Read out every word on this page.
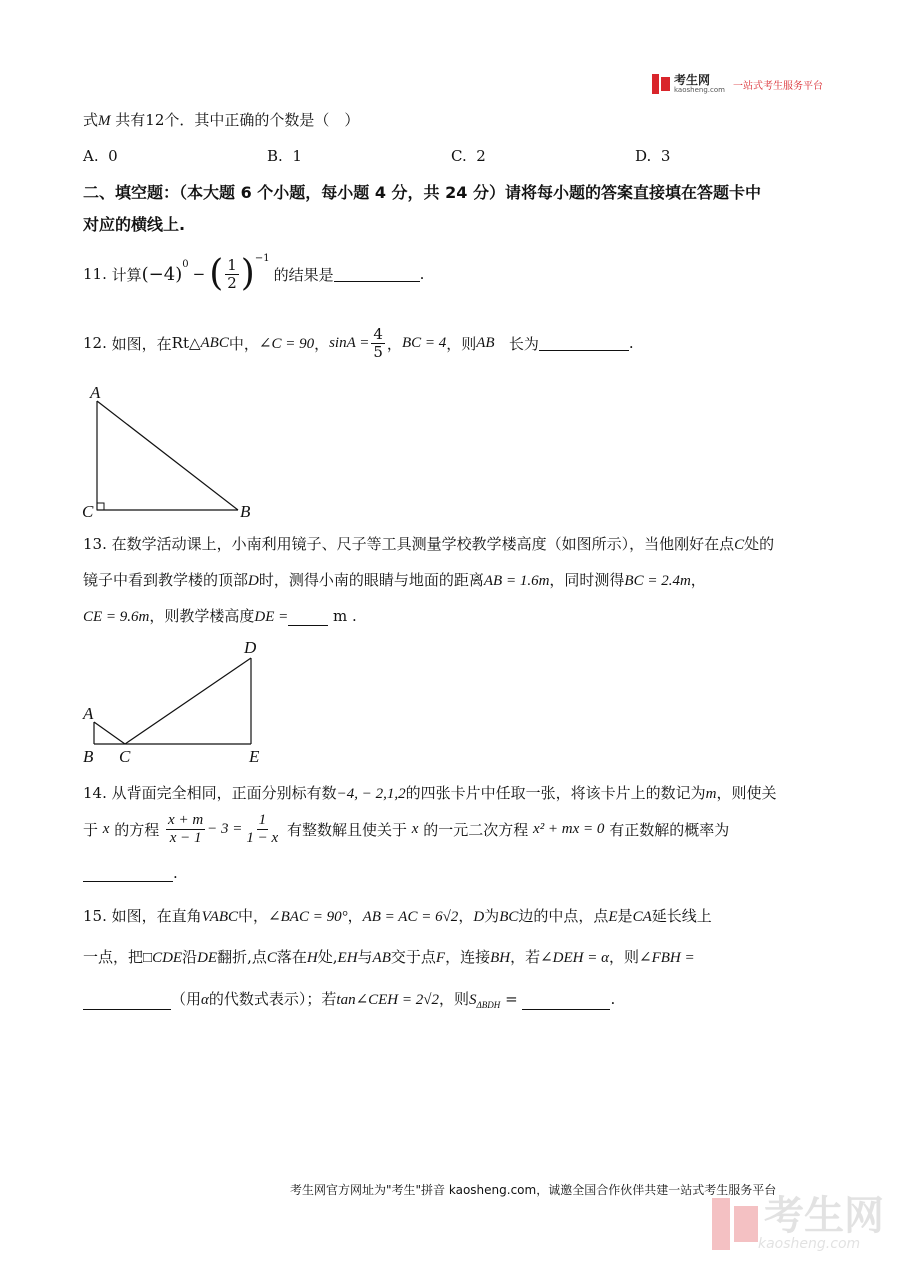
考生网
kaosheng.com 一站式考生服务平台
式M 共有12个．其中正确的个数是（　）
A. 0	B. 1	C. 2	D. 3
二、填空题：（本大题 6 个小题，每小题 4 分，共 24 分）请将每小题的答案直接填在答题卡中
对应的横线上.
11.
计算 $(-4)^0$
− ( $\frac{1}{2} )^{-1}$
的结果是	.
12.
如图，在 Rt△ ABC 中， ∠C = 90 ， $\sin A = \frac{4}{5}$ ， BC = 4 ，则 AB
长为	.
A
C	B
13. 在数学活动课上，小南利用镜子、尺子等工具测量学校教学楼高度（如图所示），当他刚好在点C处的
镜子中看到教学楼的顶部D时，测得小南的眼睛与地面的距离AB = 1.6m，同时测得BC = 2.4m，
CE = 9.6m，则教学楼高度DE =	m .
A
B C
D
E
14. 从背面完全相同，正面分别标有数−4, − 2,1,2的四张卡片中任取一张，将该卡片上的数记为m，则使关
于
x
的方程
$\frac{x + m}{x - 1} - 3 = \frac{1}{1 - x}$
有整数解且使关于
x
的一元二次方程
x² + mx = 0
有正数解的概率为
.
15. 如图，在直角VABC中，∠BAC = 90°，AB = AC = 6√2，D为BC边的中点，点E是CA延长线上
一点，把□CDE沿DE翻折,点C落在H处,EH与AB交于点F，连接BH，若∠DEH = α，则∠FBH =
（用α的代数式表示）；若tan∠CEH = 2√2，则$S_{\Delta BDH}$ =	.
考生网官方网址为"考生"拼音 kaosheng.com，诚邀全国合作伙伴共建一站式考生服务平台
考生网
kaosheng.com
